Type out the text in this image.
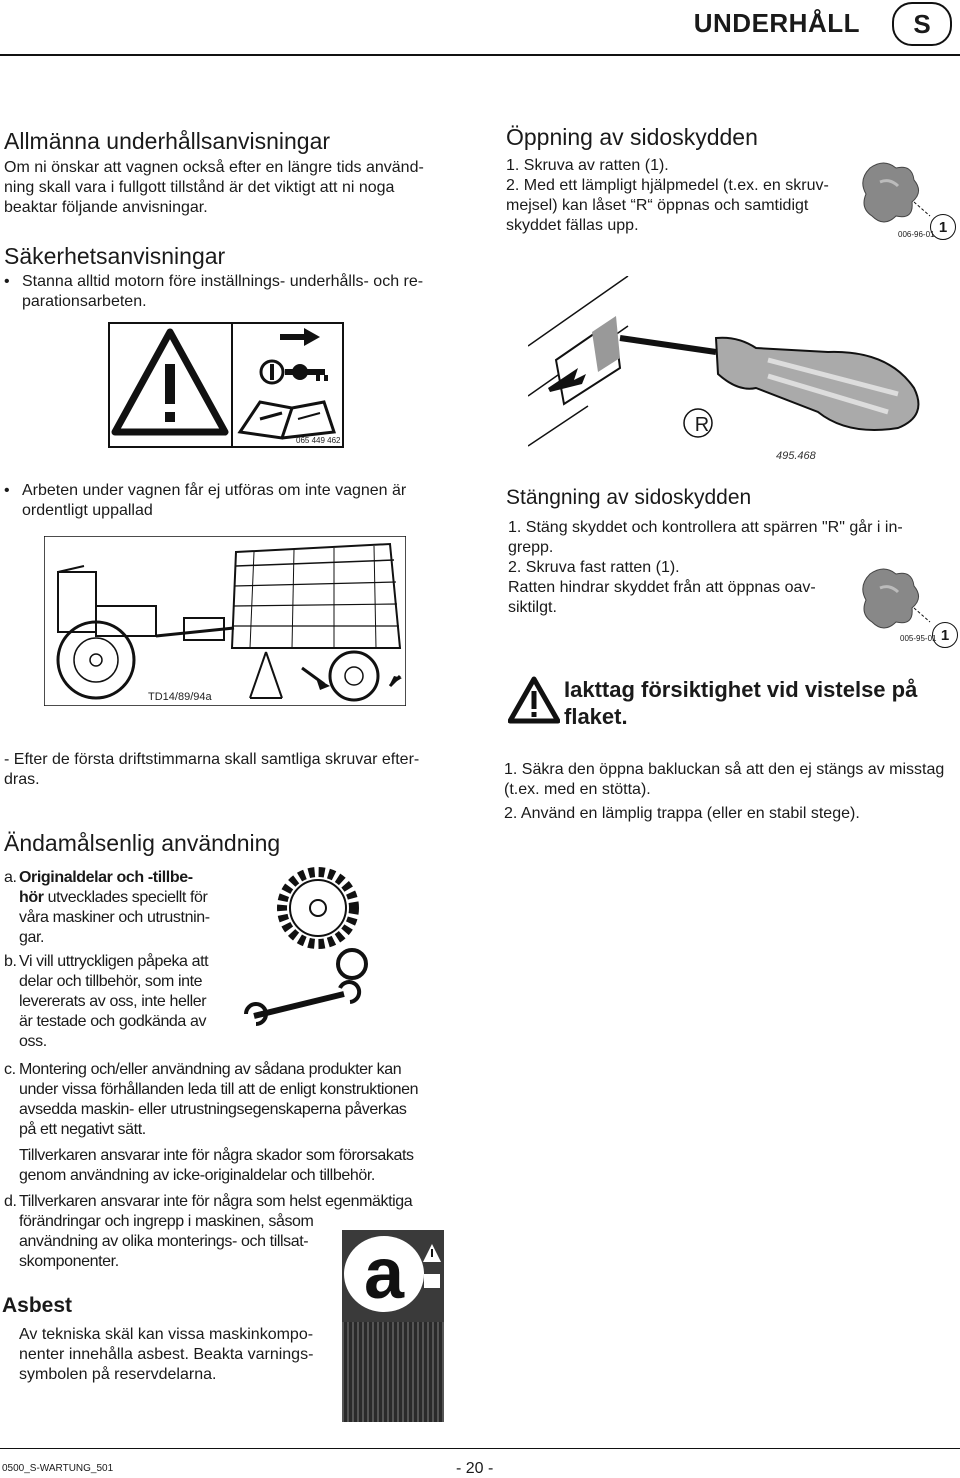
UNDERHÅLL	S
Allmänna underhållsanvisningar

Om ni önskar att vagnen också efter en längre tids använd-

ning skall vara i fullgott tillstånd är det viktigt att ni noga

beaktar följande anvisningar.

Säkerhetsanvisningar
• Stanna alltid motorn före inställnings- underhålls- och re-

parationsarbeten.

065 449 462
• Arbeten under vagnen får ej utföras om inte vagnen är

ordentligt uppallad

TD14/89/94a

- Efter de första driftstimmarna skall samtliga skruvar efter-

dras.

Ändamålsenlig användning
a. Originaldelar och -tillbe-

hör utvecklades speciellt för

våra maskiner och utrustnin-

gar.

b. Vi vill uttryckligen påpeka att

delar och tillbehör, som inte

levererats av oss, inte heller

är testade och godkända av

oss.

c. Montering och/eller användning av sådana produkter kan

under vissa förhållanden leda till att de enligt konstruktionen

avsedda maskin- eller utrustningsegenskaperna påverkas

på ett negativt sätt.

Tillverkaren ansvarar inte för några skador som förorsakats

genom användning av icke-originaldelar och tillbehör.

d. Tillverkaren ansvarar inte för några som helst egenmäktiga

förändringar och ingrepp i maskinen, såsom

användning av olika monterings- och tillsat-

skomponenter.	a
Asbest

Av tekniska skäl kan vissa maskinkompo-

nenter innehålla asbest. Beakta varnings-

symbolen på reservdelarna.

Öppning av sidoskydden

1. Skruva av ratten (1).

2. Med ett lämpligt hjälpmedel (t.ex. en skruv-

mejsel) kan låset “R“ öppnas och samtidigt

skyddet fällas upp.	1
006-96-01
R
495.468
Stängning av sidoskydden

1. Stäng skyddet och kontrollera att spärren "R" går i in-

grepp.

2. Skruva fast ratten (1).

Ratten hindrar skyddet från att öppnas oav-

siktilgt.

1
005-95-01
Iakttag försiktighet vid vistelse på
flaket.

1. Säkra den öppna bakluckan så att den ej stängs av misstag

(t.ex. med en stötta).

2. Använd en lämplig trappa (eller en stabil stege).

0500_S-WARTUNG_501	- 20 -
